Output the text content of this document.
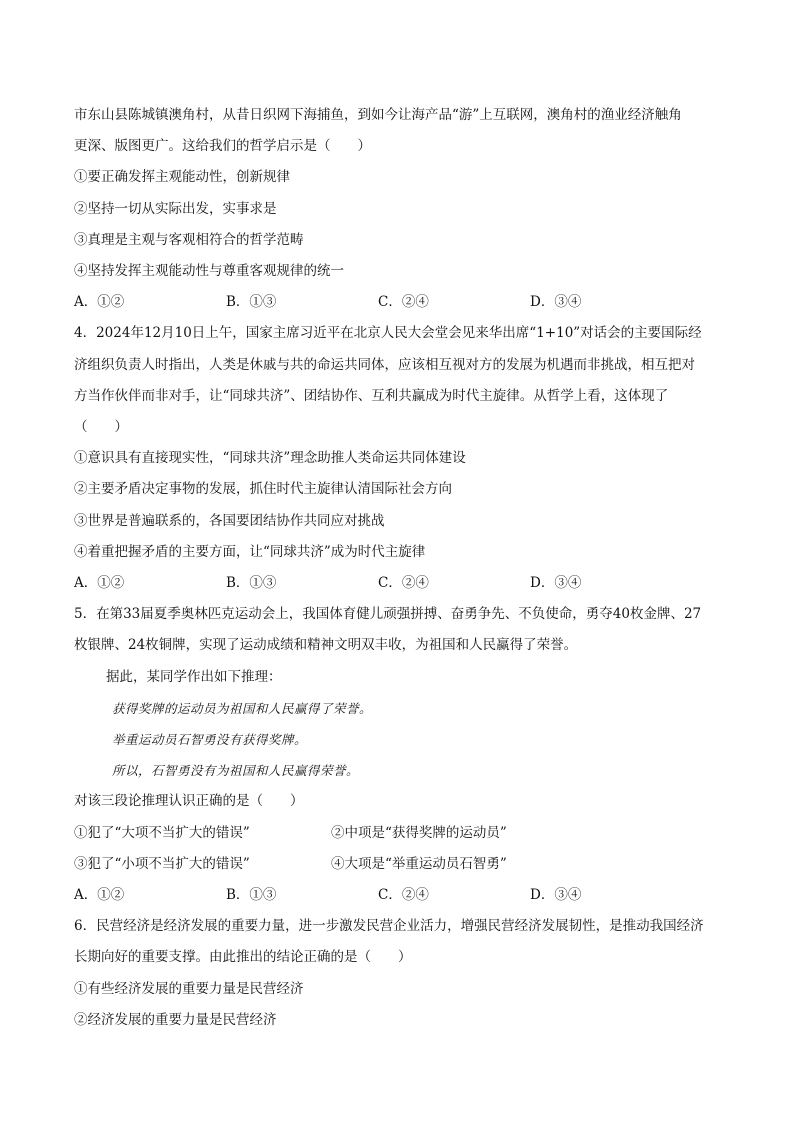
市东山县陈城镇澳角村，从昔日织网下海捕鱼，到如今让海产品“游”上互联网，澳角村的渔业经济触角
更深、版图更广。这给我们的哲学启示是（　　）
①要正确发挥主观能动性，创新规律
②坚持一切从实际出发，实事求是
③真理是主观与客观相符合的哲学范畴
④坚持发挥主观能动性与尊重客观规律的统一
A．①②	B．①③	C．②④	D．③④
4．2024年12月10日上午，国家主席习近平在北京人民大会堂会见来华出席“1+10”对话会的主要国际经
济组织负责人时指出，人类是休戚与共的命运共同体，应该相互视对方的发展为机遇而非挑战，相互把对
方当作伙伴而非对手，让“同球共济”、团结协作、互利共赢成为时代主旋律。从哲学上看，这体现了
（　　）
①意识具有直接现实性，“同球共济”理念助推人类命运共同体建设
②主要矛盾决定事物的发展，抓住时代主旋律认清国际社会方向
③世界是普遍联系的，各国要团结协作共同应对挑战
④着重把握矛盾的主要方面，让“同球共济”成为时代主旋律
A．①②	B．①③	C．②④	D．③④
5．在第33届夏季奥林匹克运动会上，我国体育健儿顽强拼搏、奋勇争先、不负使命，勇夺40枚金牌、27
枚银牌、24枚铜牌，实现了运动成绩和精神文明双丰收，为祖国和人民赢得了荣誉。
据此，某同学作出如下推理：
获得奖牌的运动员为祖国和人民赢得了荣誉。
举重运动员石智勇没有获得奖牌。
所以，石智勇没有为祖国和人民赢得荣誉。
对该三段论推理认识正确的是（　　）
①犯了“大项不当扩大的错误”	②中项是“获得奖牌的运动员”
③犯了“小项不当扩大的错误”	④大项是“举重运动员石智勇”
A．①②	B．①③	C．②④	D．③④
6．民营经济是经济发展的重要力量，进一步激发民营企业活力，增强民营经济发展韧性，是推动我国经济
长期向好的重要支撑。由此推出的结论正确的是（　　）
①有些经济发展的重要力量是民营经济
②经济发展的重要力量是民营经济
